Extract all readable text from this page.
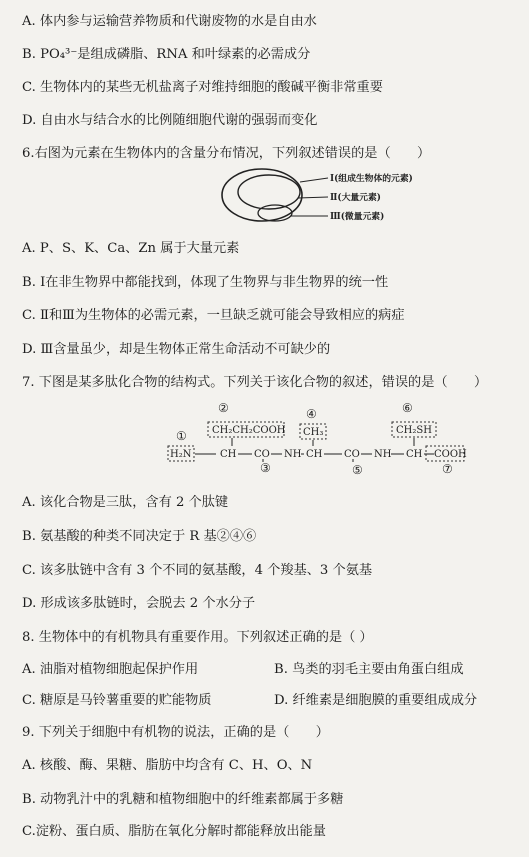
A. 体内参与运输营养物质和代谢废物的水是自由水
B. PO₄³⁻是组成磷脂、RNA 和叶绿素的必需成分
C. 生物体内的某些无机盐离子对维持细胞的酸碱平衡非常重要
D. 自由水与结合水的比例随细胞代谢的强弱而变化
6.右图为元素在生物体内的含量分布情况，下列叙述错误的是（　　）
Ⅰ(组成生物体的元素)
Ⅱ(大量元素)
Ⅲ(微量元素)
A. P、S、K、Ca、Zn 属于大量元素
B. Ⅰ在非生物界中都能找到，体现了生物界与非生物界的统一性
C. Ⅱ和Ⅲ为生物体的必需元素，一旦缺乏就可能会导致相应的病症
D. Ⅲ含量虽少，却是生物体正常生命活动不可缺少的
7. 下图是某多肽化合物的结构式。下列关于该化合物的叙述，错误的是（　　）
①
②
③
④
⑤
⑥
⑦
CH₂CH₂COOH CH₃	CH₂SH
H₂N	CH CO NH CH CO NH CH COOH
A. 该化合物是三肽，含有 2 个肽键
B. 氨基酸的种类不同决定于 R 基②④⑥
C. 该多肽链中含有 3 个不同的氨基酸，4 个羧基、3 个氨基
D. 形成该多肽链时，会脱去 2 个水分子
8. 生物体中的有机物具有重要作用。下列叙述正确的是（ ）
A. 油脂对植物细胞起保护作用	B. 鸟类的羽毛主要由角蛋白组成
C. 糖原是马铃薯重要的贮能物质	D. 纤维素是细胞膜的重要组成成分
9. 下列关于细胞中有机物的说法，正确的是（　　）
A. 核酸、酶、果糖、脂肪中均含有 C、H、O、N
B. 动物乳汁中的乳糖和植物细胞中的纤维素都属于多糖
C.淀粉、蛋白质、脂肪在氧化分解时都能释放出能量
